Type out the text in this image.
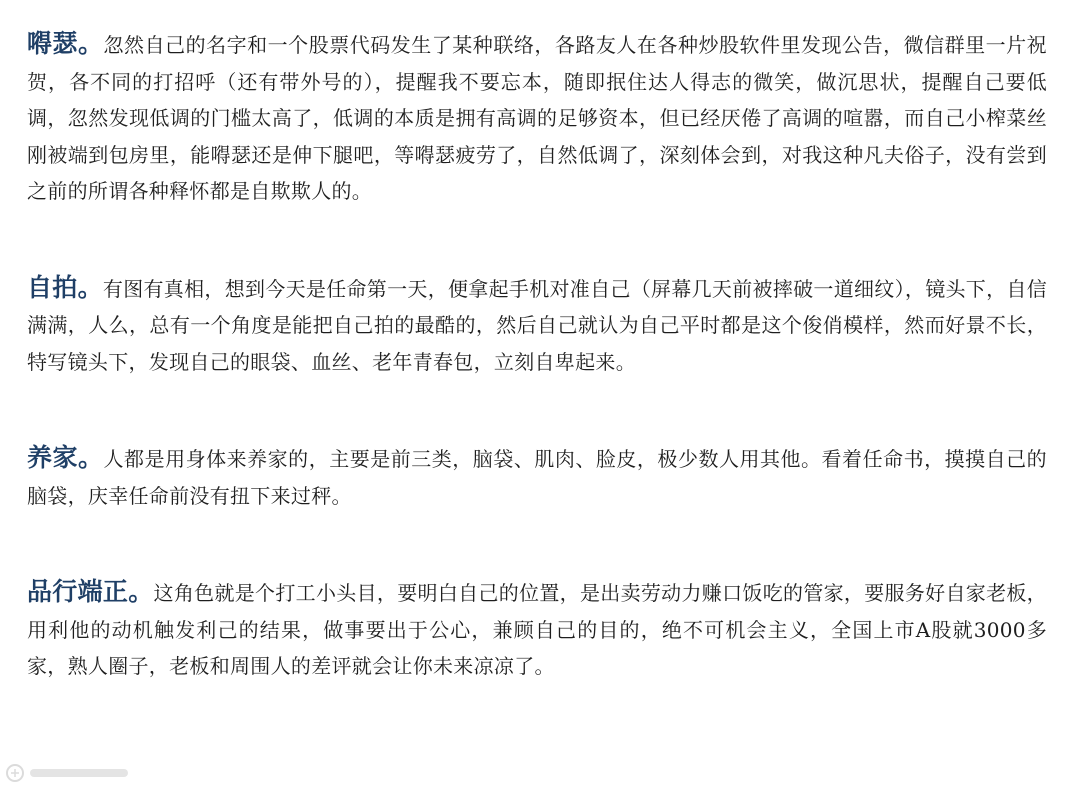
嘚瑟。忽然自己的名字和一个股票代码发生了某种联络，各路友人在各种炒股软件里发现公告，微信群里一片祝贺，各不同的打招呼（还有带外号的），提醒我不要忘本，随即抿住达人得志的微笑，做沉思状，提醒自己要低调，忽然发现低调的门槛太高了，低调的本质是拥有高调的足够资本，但已经厌倦了高调的喧嚣，而自己小榨菜丝刚被端到包房里，能嘚瑟还是伸下腿吧，等嘚瑟疲劳了，自然低调了，深刻体会到，对我这种凡夫俗子，没有尝到之前的所谓各种释怀都是自欺欺人的。

自拍。有图有真相，想到今天是任命第一天，便拿起手机对准自己（屏幕几天前被摔破一道细纹），镜头下，自信满满，人么，总有一个角度是能把自己拍的最酷的，然后自己就认为自己平时都是这个俊俏模样，然而好景不长，特写镜头下，发现自己的眼袋、血丝、老年青春包，立刻自卑起来。

养家。人都是用身体来养家的，主要是前三类，脑袋、肌肉、脸皮，极少数人用其他。看着任命书，摸摸自己的脑袋，庆幸任命前没有扭下来过秤。

品行端正。这角色就是个打工小头目，要明白自己的位置，是出卖劳动力赚口饭吃的管家，要服务好自家老板，用利他的动机触发利己的结果，做事要出于公心，兼顾自己的目的，绝不可机会主义，全国上市A股就3000多家，熟人圈子，老板和周围人的差评就会让你未来凉凉了。
